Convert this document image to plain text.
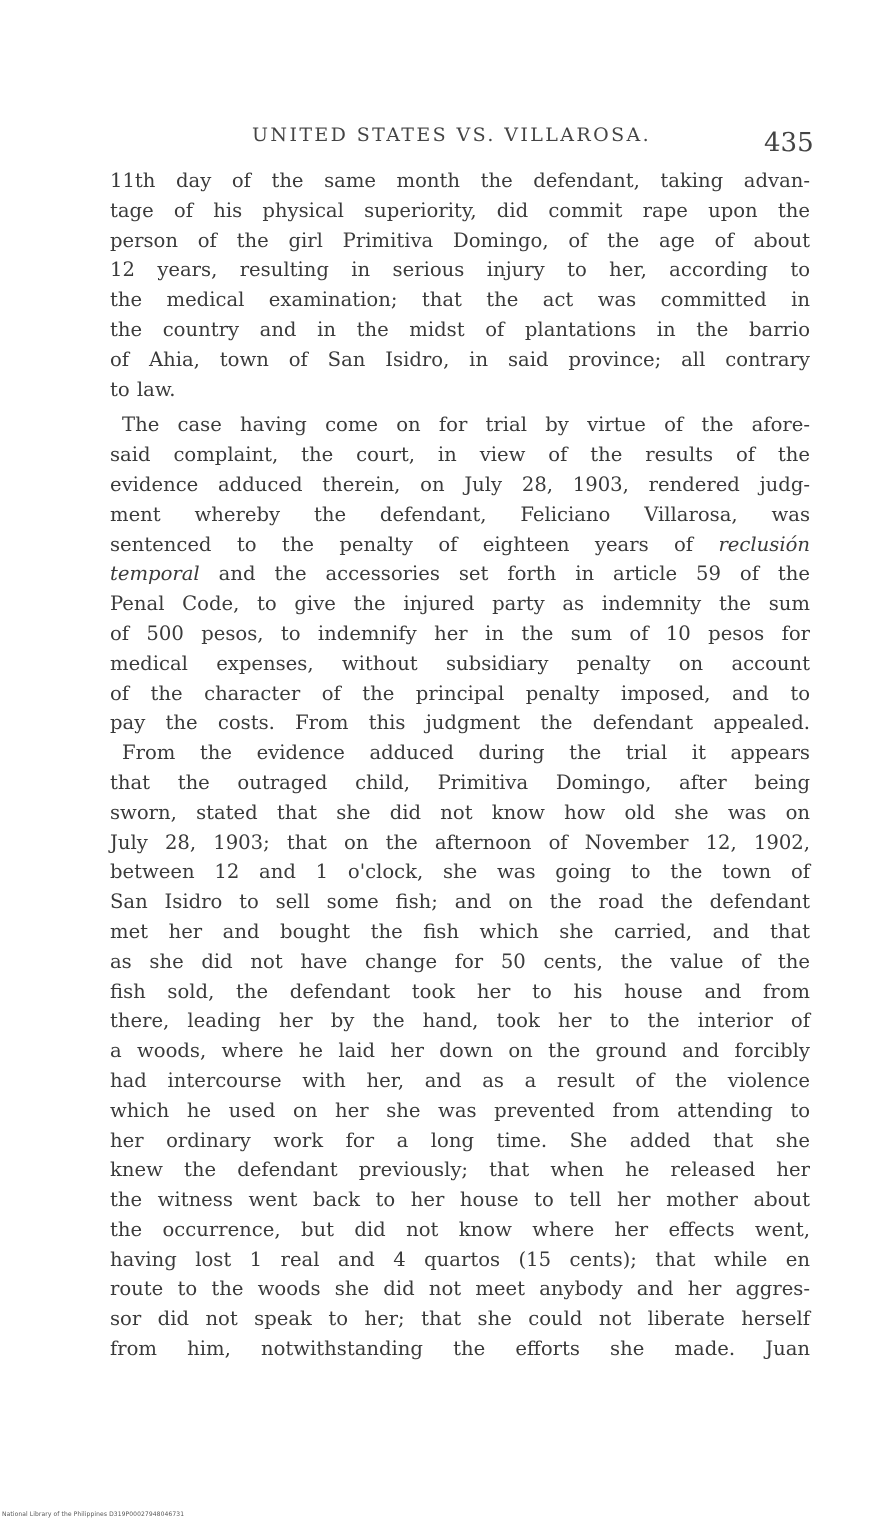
UNITED STATES VS. VILLAROSA.	435
11th day of the same month the defendant, taking advan-
tage of his physical superiority, did commit rape upon the
person of the girl Primitiva Domingo, of the age of about
12 years, resulting in serious injury to her, according to
the medical examination; that the act was committed in
the country and in the midst of plantations in the barrio
of Ahia, town of San Isidro, in said province; all contrary
to law.
The case having come on for trial by virtue of the afore-
said complaint, the court, in view of the results of the
evidence adduced therein, on July 28, 1903, rendered judg-
ment whereby the defendant, Feliciano Villarosa, was
sentenced to the penalty of eighteen years of reclusión
temporal and the accessories set forth in article 59 of the
Penal Code, to give the injured party as indemnity the sum
of 500 pesos, to indemnify her in the sum of 10 pesos for
medical expenses, without subsidiary penalty on account
of the character of the principal penalty imposed, and to
pay the costs. From this judgment the defendant appealed.
From the evidence adduced during the trial it appears
that the outraged child, Primitiva Domingo, after being
sworn, stated that she did not know how old she was on
July 28, 1903; that on the afternoon of November 12, 1902,
between 12 and 1 o'clock, she was going to the town of
San Isidro to sell some fish; and on the road the defendant
met her and bought the fish which she carried, and that
as she did not have change for 50 cents, the value of the
fish sold, the defendant took her to his house and from
there, leading her by the hand, took her to the interior of
a woods, where he laid her down on the ground and forcibly
had intercourse with her, and as a result of the violence
which he used on her she was prevented from attending to
her ordinary work for a long time. She added that she
knew the defendant previously; that when he released her
the witness went back to her house to tell her mother about
the occurrence, but did not know where her effects went,
having lost 1 real and 4 quartos (15 cents); that while en
route to the woods she did not meet anybody and her aggres-
sor did not speak to her; that she could not liberate herself
from him, notwithstanding the efforts she made. Juan
National Library of the Philippines D319P00027948046731
